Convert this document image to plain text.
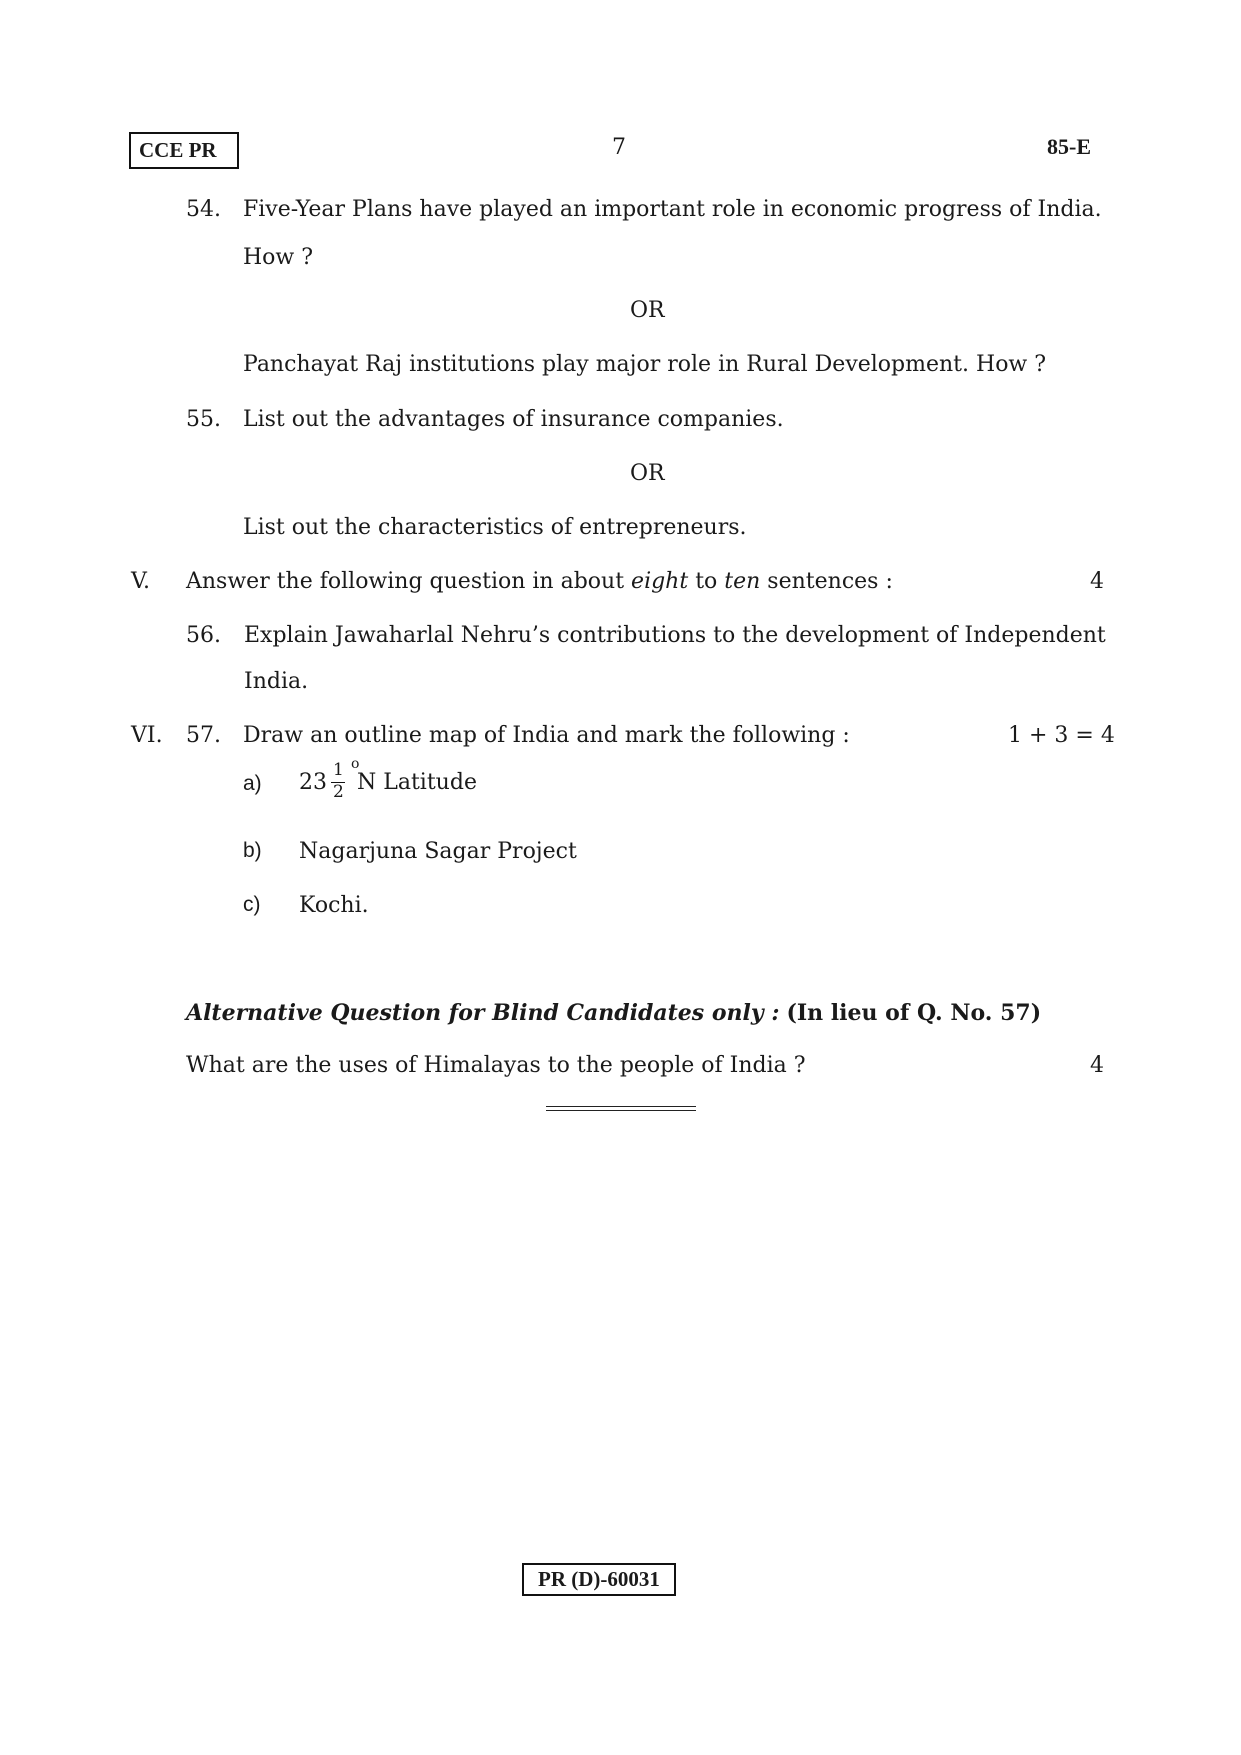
CCE PR	7	85-E
54. Five-Year Plans have played an important role in economic progress of India.
How ?
OR
Panchayat Raj institutions play major role in Rural Development. How ?
55. List out the advantages of insurance companies.
OR
List out the characteristics of entrepreneurs.
V. Answer the following question in about eight to ten sentences :	4
56. Explain Jawaharlal Nehru’s contributions to the development of Independent
India.
VI. 57. Draw an outline map of India and mark the following :	1 + 3 = 4
a) 23 1
2
o
N Latitude
b) Nagarjuna Sagar Project
c) Kochi.
Alternative Question for Blind Candidates only : (In lieu of Q. No. 57)
What are the uses of Himalayas to the people of India ?	4
PR (D)-60031
